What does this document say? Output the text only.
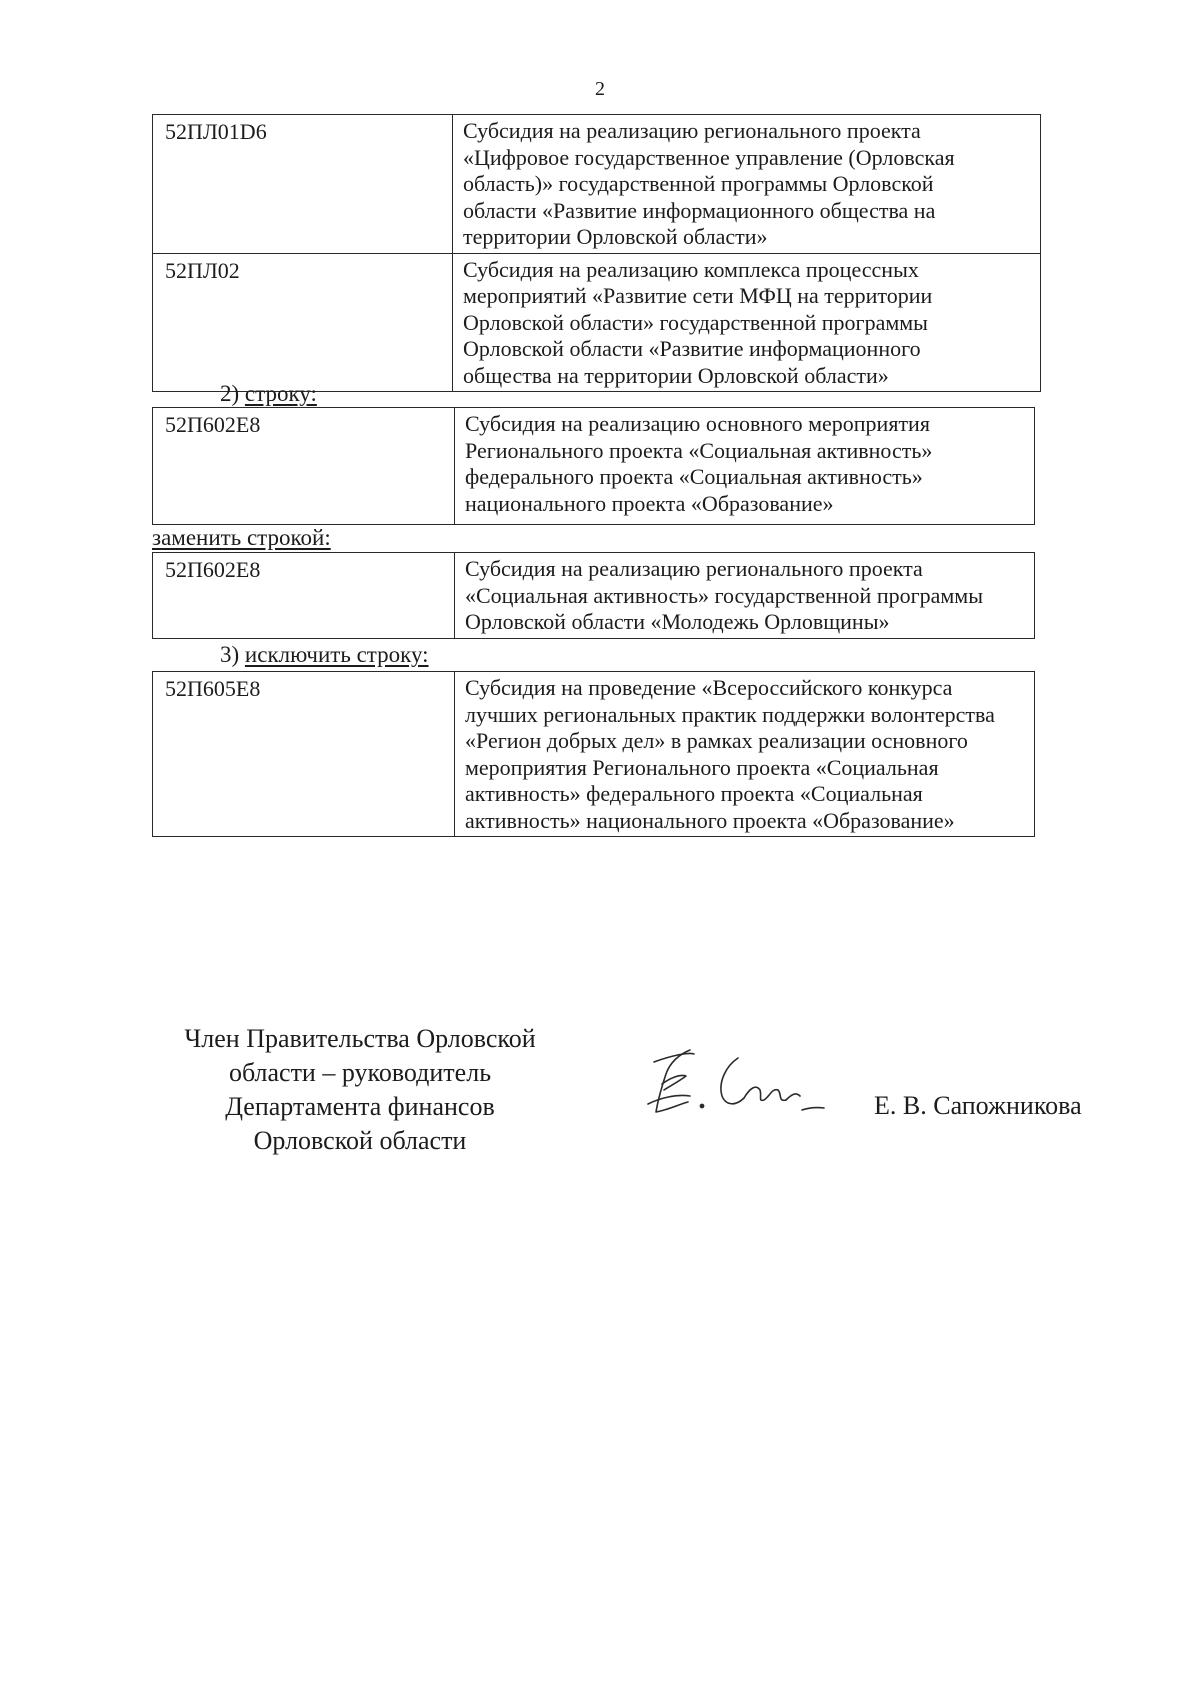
2
52ПЛ01D6	Субсидия на реализацию регионального проекта
«Цифровое государственное управление (Орловская
область)» государственной программы Орловской
области «Развитие информационного общества на
территории Орловской области»

52ПЛ02	Субсидия на реализацию комплекса процессных
мероприятий «Развитие сети МФЦ на территории
Орловской области» государственной программы
Орловской области «Развитие информационного
общества на территории Орловской области»
2) строку:
52П602Е8	Субсидия на реализацию основного мероприятия
Регионального проекта «Социальная активность»
федерального проекта «Социальная активность»
национального проекта «Образование»
заменить строкой:
52П602Е8	Субсидия на реализацию регионального проекта
«Социальная активность» государственной программы
Орловской области «Молодежь Орловщины»
3) исключить строку:
52П605Е8	Субсидия на проведение «Всероссийского конкурса
лучших региональных практик поддержки волонтерства
«Регион добрых дел» в рамках реализации основного
мероприятия Регионального проекта «Социальная
активность» федерального проекта «Социальная
активность» национального проекта «Образование»
Член Правительства Орловской
области – руководитель
Департамента финансов
Орловской области
Е. В. Сапожникова
